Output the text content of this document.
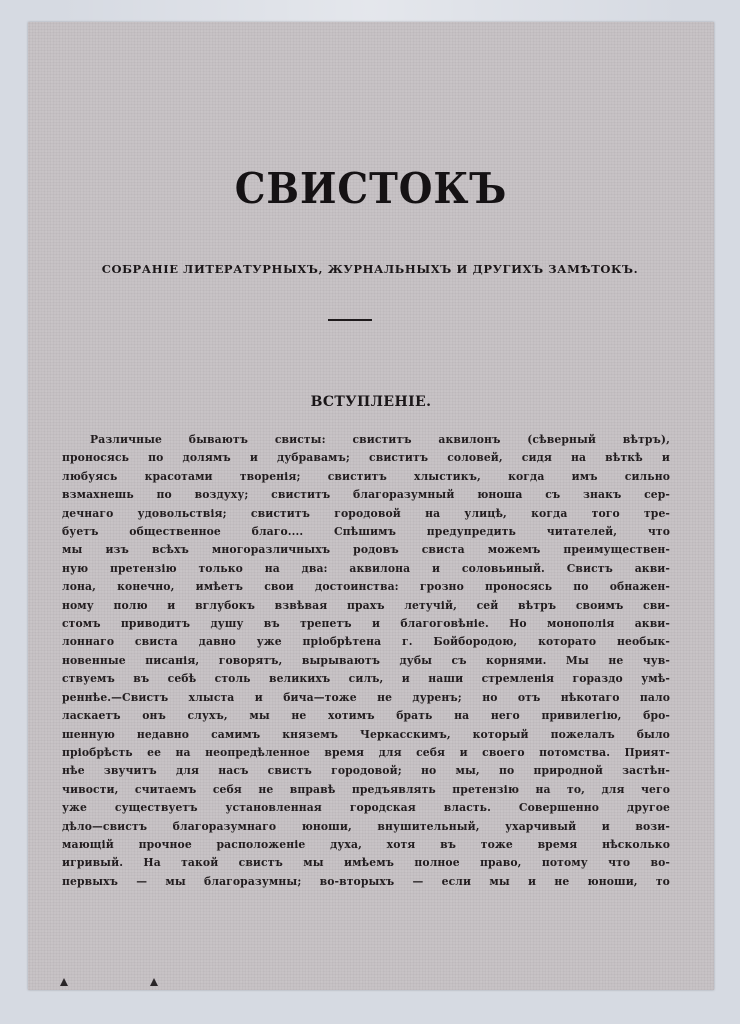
СВИСТОКЪ
СОБРАНІЕ ЛИТЕРАТУРНЫХЪ, ЖУРНАЛЬНЫХЪ И ДРУГИХЪ ЗАМѢТОКЪ.
ВСТУПЛЕНІЕ.
Различные бываютъ свисты: свиститъ аквилонъ (сѣверный вѣтръ),
проносясь по долямъ и дубравамъ; свиститъ соловей, сидя на вѣткѣ и
любуясь красотами творенія; свиститъ хлыстикъ, когда имъ сильно
взмахнешь по воздуху; свиститъ благоразумный юноша съ знакъ сер-
дечнаго удовольствія; свиститъ городовой на улицѣ, когда того тре-
буетъ общественное благо.... Спѣшимъ предупредить читателей, что
мы изъ всѣхъ многоразличныхъ родовъ свиста можемъ преимуществен-
ную претензію только на два: аквилона и соловьиный. Свистъ акви-
лона, конечно, имѣетъ свои достоинства: грозно проносясь по обнажен-
ному полю и вглубокъ взвѣвая прахъ летучій, сей вѣтръ своимъ сви-
стомъ приводитъ душу въ трепетъ и благоговѣніе. Но монополія акви-
лоннаго свиста давно уже пріобрѣтена г. Бойбородою, которато необык-
новенные писанія, говорятъ, вырываютъ дубы съ корнями. Мы не чув-
ствуемъ въ себѣ столь великихъ силъ, и наши стремленія гораздо умѣ-
реннѣе.—Свистъ хлыста и бича—тоже не дуренъ; но отъ нѣкотаго пало
ласкаетъ онъ слухъ, мы не хотимъ брать на него привилегію, бро-
шенную недавно самимъ княземъ Черкасскимъ, который пожелалъ было
пріобрѣсть ее на неопредѣленное время для себя и своего потомства. Прият-
нѣе звучитъ для насъ свистъ городовой; но мы, по природной застѣн-
чивости, считаемъ себя не вправѣ предъявлять претензію на то, для чего
уже существуетъ установленная городская власть. Совершенно другое
дѣло—свистъ благоразумнаго юноши, внушительный, ухарчивый и вози-
мающій прочное расположеніе духа, хотя въ тоже время нѣсколько
игривый. На такой свистъ мы имѣемъ полное право, потому что во-
первыхъ — мы благоразумны; во-вторыхъ — если мы и не юноши, то
